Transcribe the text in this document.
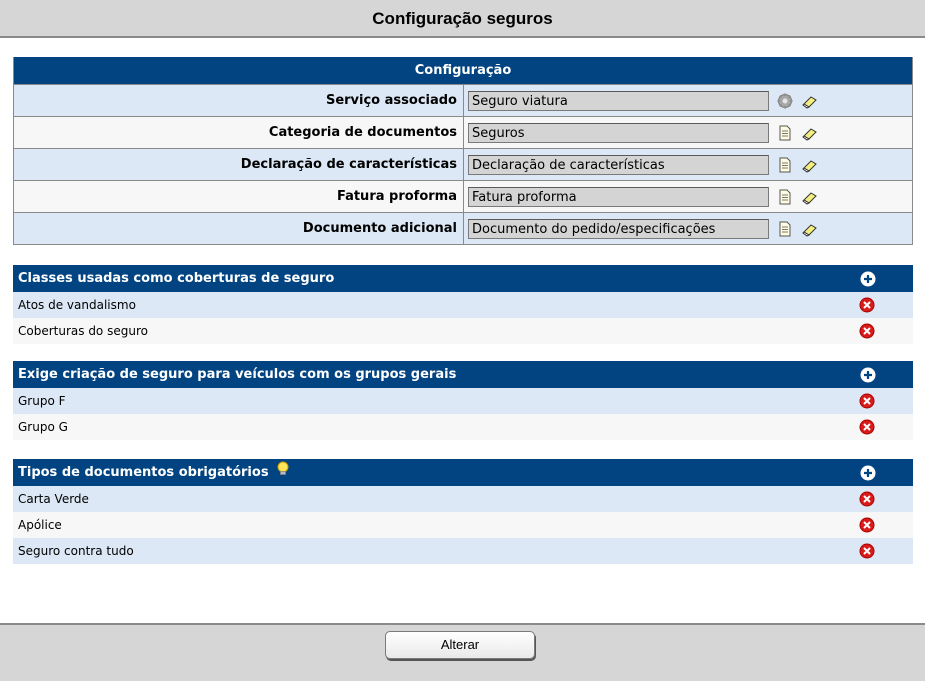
Configuração seguros
Configuração
Serviço associado	Seguro viatura
Categoria de documentos	Seguros
Declaração de características	Declaração de características
Fatura proforma	Fatura proforma
Documento adicional	Documento do pedido/especificações
Classes usadas como coberturas de seguro
Atos de vandalismo
Coberturas do seguro
Exige criação de seguro para veículos com os grupos gerais
Grupo F
Grupo G
Tipos de documentos obrigatórios
Carta Verde
Apólice
Seguro contra tudo
Alterar
